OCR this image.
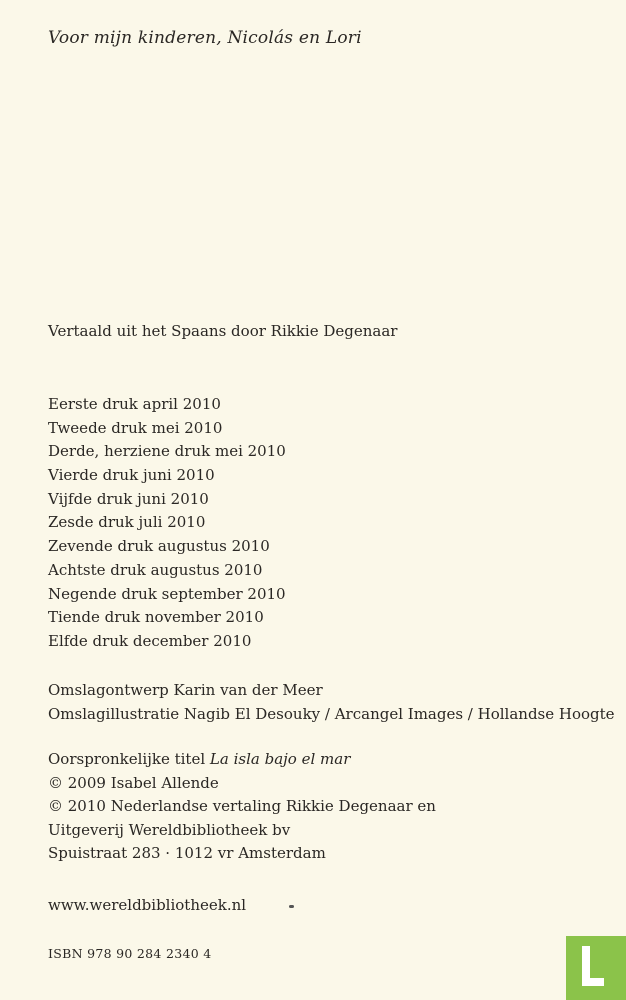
Voor mijn kinderen, Nicolás en Lori

Vertaald uit het Spaans door Rikkie Degenaar

Eerste druk april 2010
Tweede druk mei 2010
Derde, herziene druk mei 2010
Vierde druk juni 2010
Vijfde druk juni 2010
Zesde druk juli 2010
Zevende druk augustus 2010
Achtste druk augustus 2010
Negende druk september 2010
Tiende druk november 2010
Elfde druk december 2010
Omslagontwerp Karin van der Meer
Omslagillustratie Nagib El Desouky / Arcangel Images / Hollandse Hoogte
Oorspronkelijke titel La isla bajo el mar
© 2009 Isabel Allende
© 2010 Nederlandse vertaling Rikkie Degenaar en
Uitgeverij Wereldbibliotheek bv
Spuistraat 283 · 1012 vr Amsterdam

www.wereldbibliotheek.nl

ISBN 978 90 284 2340 4
